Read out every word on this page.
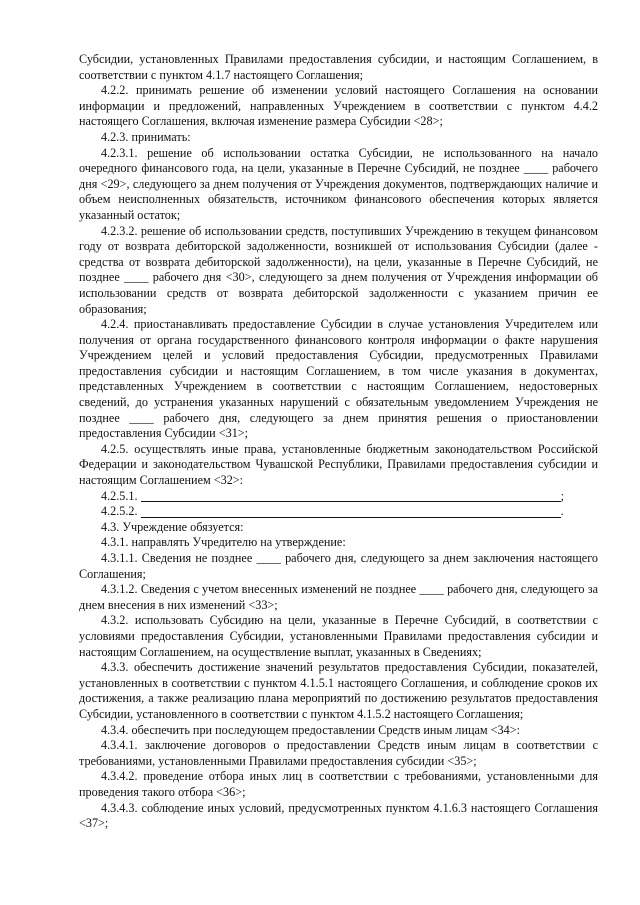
Субсидии, установленных Правилами предоставления субсидии, и настоящим Соглашением, в соответствии с пунктом 4.1.7 настоящего Соглашения;

4.2.2. принимать решение об изменении условий настоящего Соглашения на основании информации и предложений, направленных Учреждением в соответствии с пунктом 4.4.2 настоящего Соглашения, включая изменение размера Субсидии <28>;

4.2.3. принимать:

4.2.3.1. решение об использовании остатка Субсидии, не использованного на начало очередного финансового года, на цели, указанные в Перечне Субсидий, не позднее ____ рабочего дня <29>, следующего за днем получения от Учреждения документов, подтверждающих наличие и объем неисполненных обязательств, источником финансового обеспечения которых является указанный остаток;

4.2.3.2. решение об использовании средств, поступивших Учреждению в текущем финансовом году от возврата дебиторской задолженности, возникшей от использования Субсидии (далее - средства от возврата дебиторской задолженности), на цели, указанные в Перечне Субсидий, не позднее ____ рабочего дня <30>, следующего за днем получения от Учреждения информации об использовании средств от возврата дебиторской задолженности с указанием причин ее образования;

4.2.4. приостанавливать предоставление Субсидии в случае установления Учредителем или получения от органа государственного финансового контроля информации о факте нарушения Учреждением целей и условий предоставления Субсидии, предусмотренных Правилами предоставления субсидии и настоящим Соглашением, в том числе указания в документах, представленных Учреждением в соответствии с настоящим Соглашением, недостоверных сведений, до устранения указанных нарушений с обязательным уведомлением Учреждения не позднее ____ рабочего дня, следующего за днем принятия решения о приостановлении предоставления Субсидии <31>;

4.2.5. осуществлять иные права, установленные бюджетным законодательством Российской Федерации и законодательством Чувашской Республики, Правилами предоставления субсидии и настоящим Соглашением <32>:

4.2.5.1.	;
4.2.5.2.	.

4.3. Учреждение обязуется:

4.3.1. направлять Учредителю на утверждение:

4.3.1.1. Сведения не позднее ____ рабочего дня, следующего за днем заключения настоящего Соглашения;

4.3.1.2. Сведения с учетом внесенных изменений не позднее ____ рабочего дня, следующего за днем внесения в них изменений <33>;

4.3.2. использовать Субсидию на цели, указанные в Перечне Субсидий, в соответствии с условиями предоставления Субсидии, установленными Правилами предоставления субсидии и настоящим Соглашением, на осуществление выплат, указанных в Сведениях;

4.3.3. обеспечить достижение значений результатов предоставления Субсидии, показателей, установленных в соответствии с пунктом 4.1.5.1 настоящего Соглашения, и соблюдение сроков их достижения, а также реализацию плана мероприятий по достижению результатов предоставления Субсидии, установленного в соответствии с пунктом 4.1.5.2 настоящего Соглашения;

4.3.4. обеспечить при последующем предоставлении Средств иным лицам <34>:

4.3.4.1. заключение договоров о предоставлении Средств иным лицам в соответствии с требованиями, установленными Правилами предоставления субсидии <35>;

4.3.4.2. проведение отбора иных лиц в соответствии с требованиями, установленными для проведения такого отбора <36>;

4.3.4.3. соблюдение иных условий, предусмотренных пунктом 4.1.6.3 настоящего Соглашения <37>;
